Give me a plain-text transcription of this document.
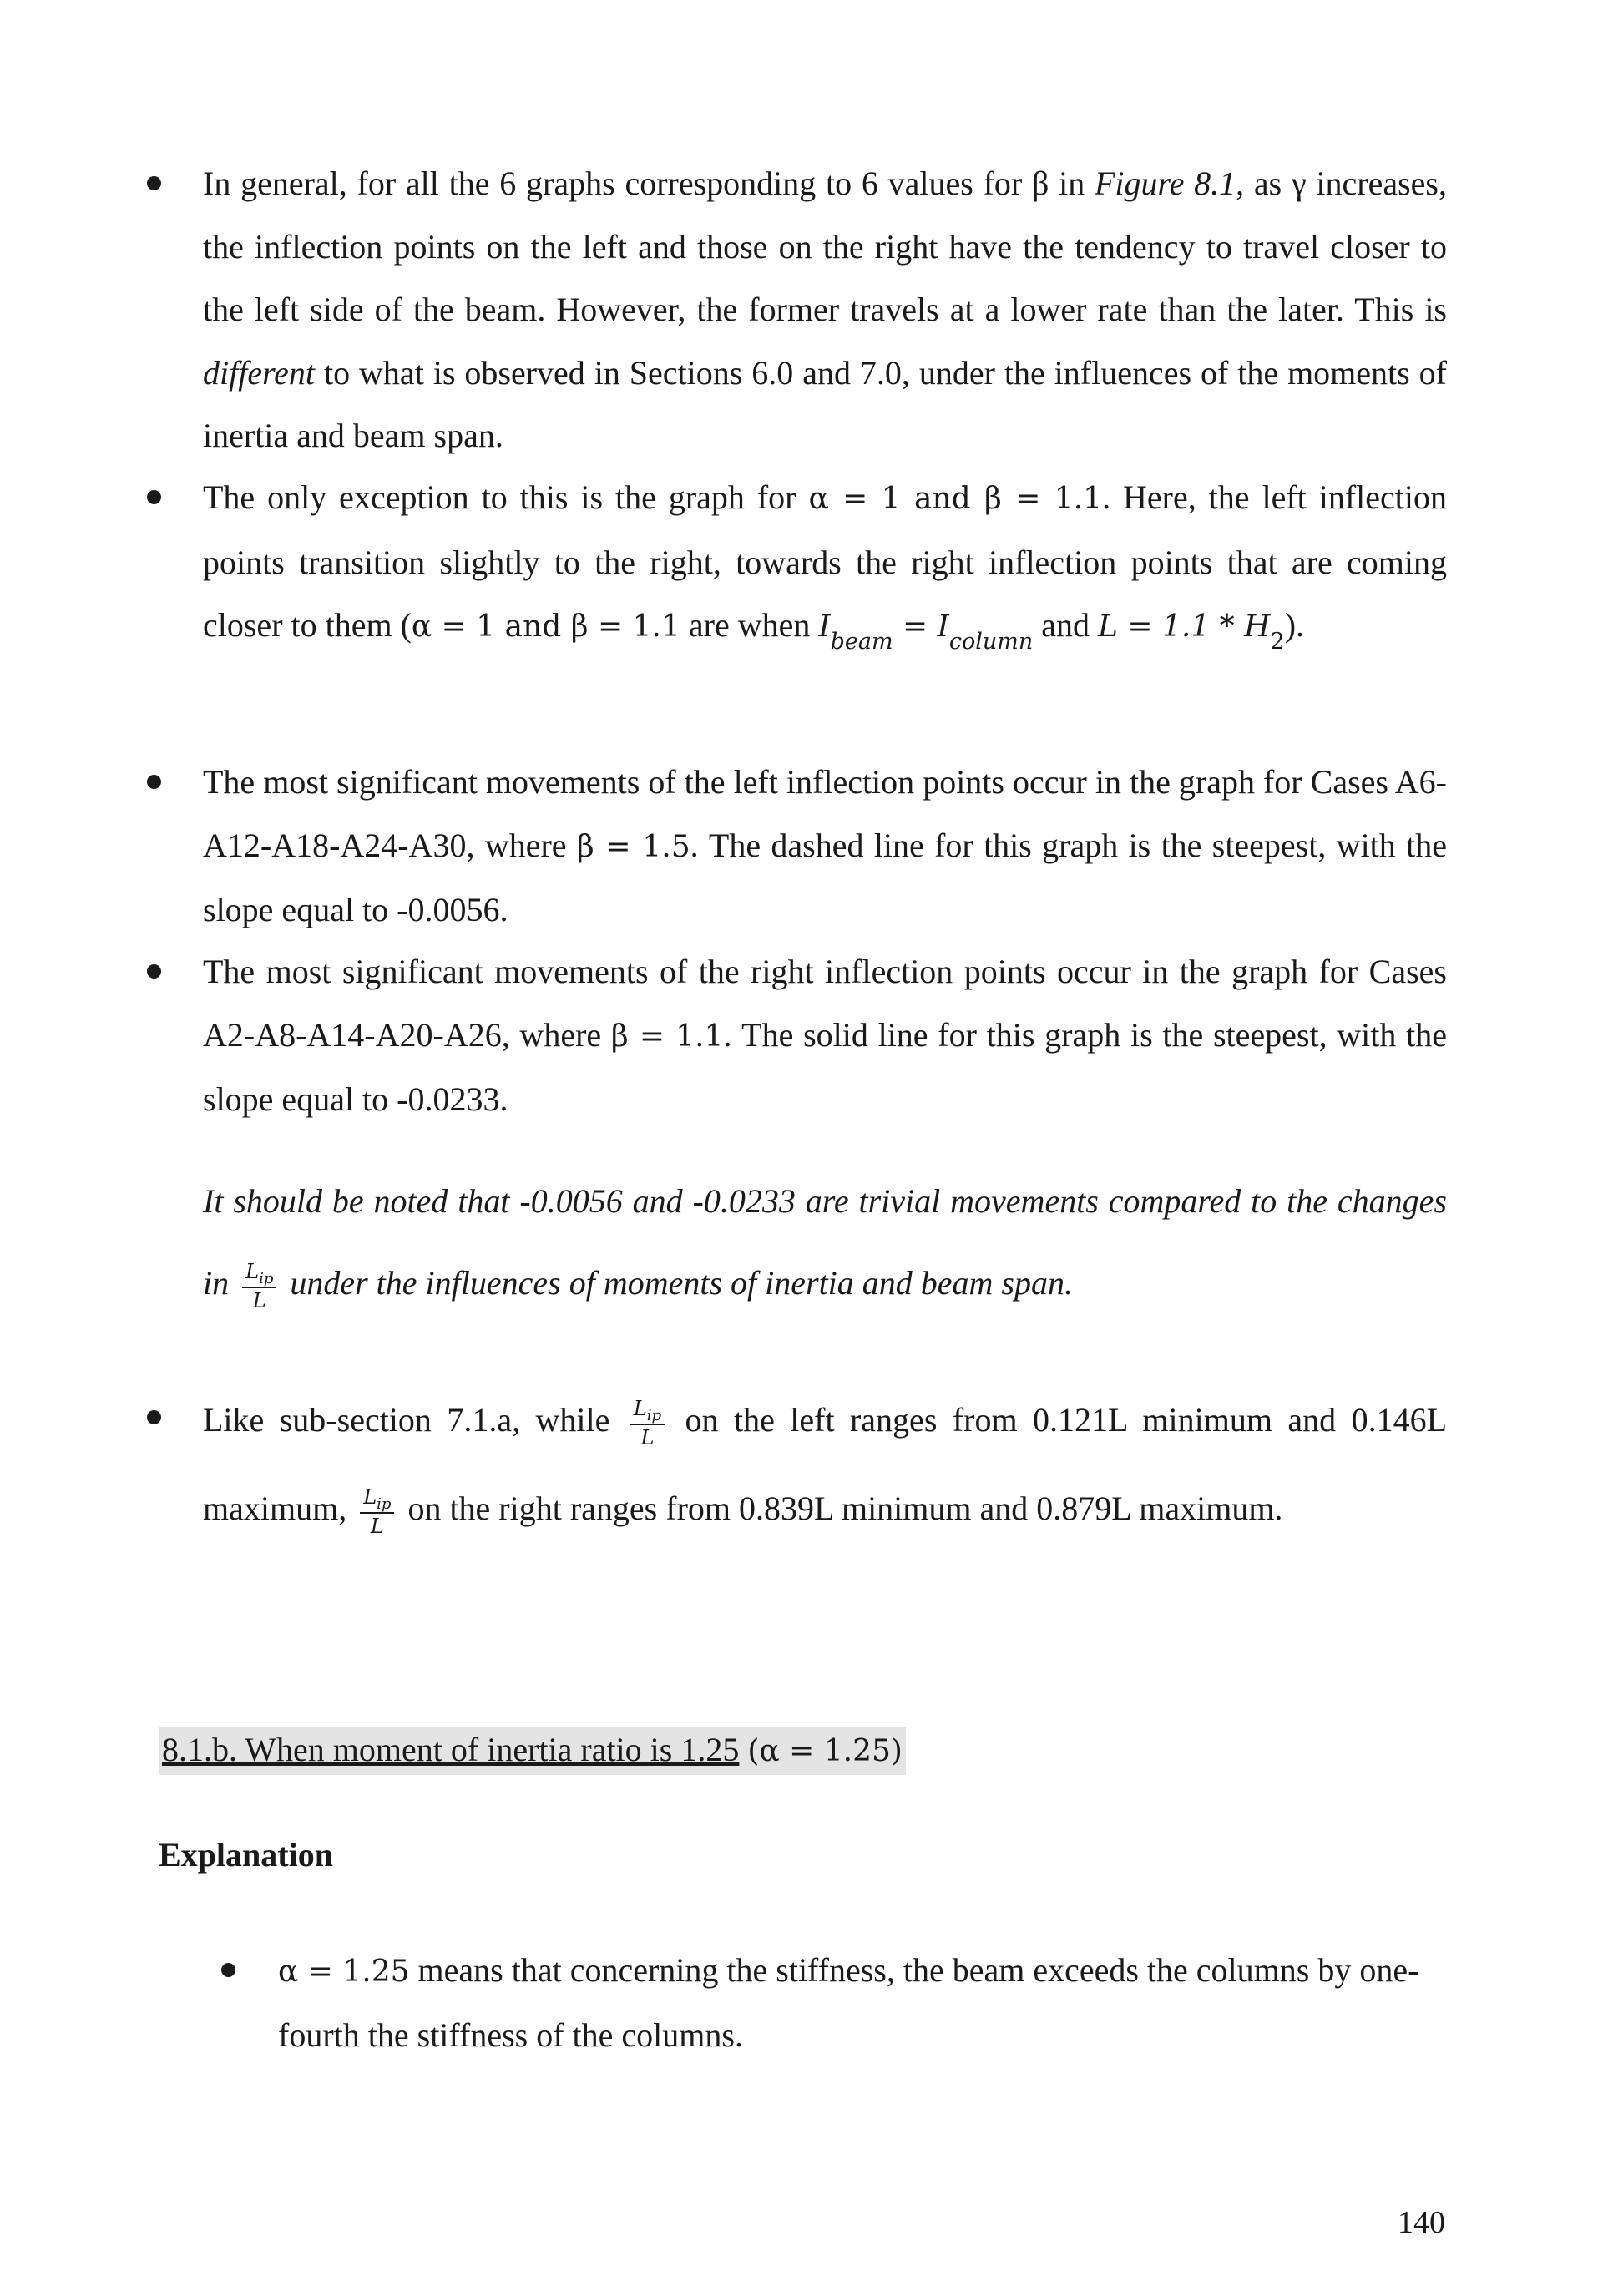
In general, for all the 6 graphs corresponding to 6 values for β in Figure 8.1, as γ increases, the inflection points on the left and those on the right have the tendency to travel closer to the left side of the beam. However, the former travels at a lower rate than the later. This is different to what is observed in Sections 6.0 and 7.0, under the influences of the moments of inertia and beam span.

The only exception to this is the graph for α = 1 and β = 1.1. Here, the left inflection points transition slightly to the right, towards the right inflection points that are coming closer to them (α = 1 and β = 1.1 are when $I_{beam} = I_{column}$ and $L = 1.1 * H_2$).

The most significant movements of the left inflection points occur in the graph for Cases A6-A12-A18-A24-A30, where β = 1.5. The dashed line for this graph is the steepest, with the slope equal to -0.0056.

The most significant movements of the right inflection points occur in the graph for Cases A2-A8-A14-A20-A26, where β = 1.1. The solid line for this graph is the steepest, with the slope equal to -0.0233.

It should be noted that -0.0056 and -0.0233 are trivial movements compared to the changes in $\frac{L_{ip}}{L}$ under the influences of moments of inertia and beam span.

Like sub-section 7.1.a, while $\frac{L_{ip}}{L}$ on the left ranges from 0.121L minimum and 0.146L maximum, $\frac{L_{ip}}{L}$ on the right ranges from 0.839L minimum and 0.879L maximum.

8.1.b. When moment of inertia ratio is 1.25 (α = 1.25)
Explanation

α = 1.25 means that concerning the stiffness, the beam exceeds the columns by one-fourth the stiffness of the columns.

140
